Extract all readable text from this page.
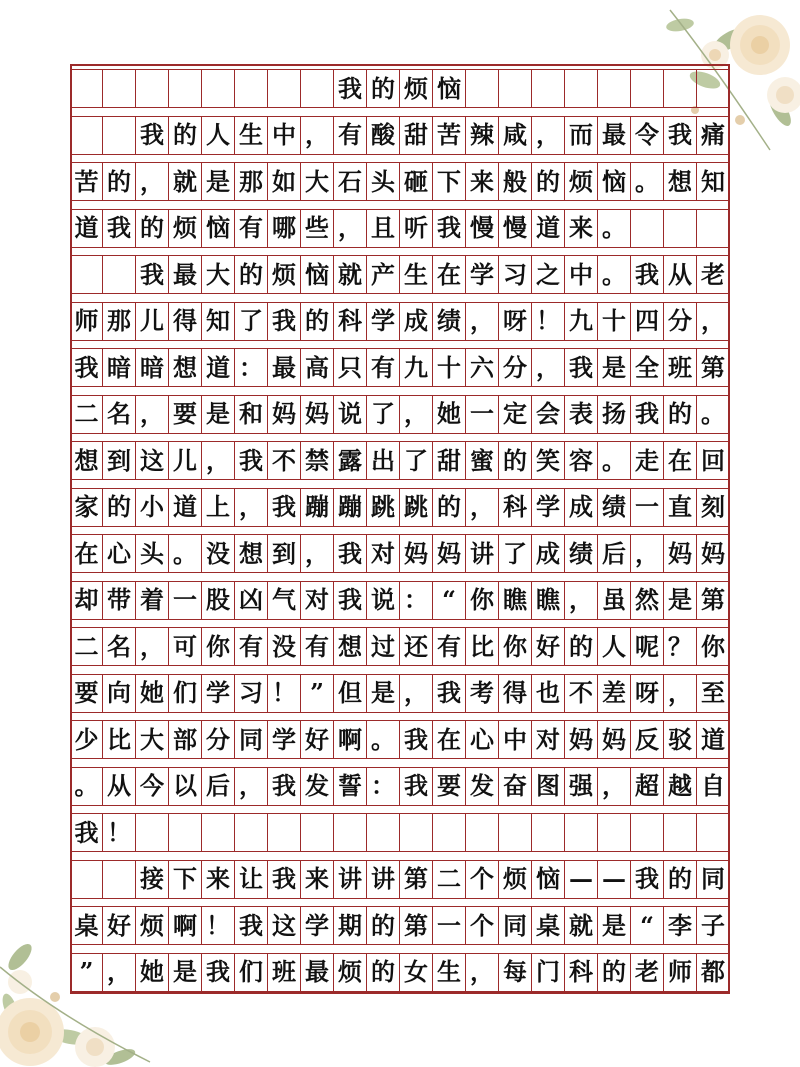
我 的 烦 恼
我 的 人 生 中 ， 有 酸 甜 苦 辣 咸 ， 而 最 令 我 痛
苦 的 ， 就 是 那 如 大 石 头 砸 下 来 般 的 烦 恼 。 想 知
道 我 的 烦 恼 有 哪 些 ， 且 听 我 慢 慢 道 来 。
我 最 大 的 烦 恼 就 产 生 在 学 习 之 中 。 我 从 老
师 那 儿 得 知 了 我 的 科 学 成 绩 ， 呀 ！ 九 十 四 分 ，
我 暗 暗 想 道 ： 最 高 只 有 九 十 六 分 ， 我 是 全 班 第
二 名 ， 要 是 和 妈 妈 说 了 ， 她 一 定 会 表 扬 我 的 。
想 到 这 儿 ， 我 不 禁 露 出 了 甜 蜜 的 笑 容 。 走 在 回
家 的 小 道 上 ， 我 蹦 蹦 跳 跳 的 ， 科 学 成 绩 一 直 刻
在 心 头 。 没 想 到 ， 我 对 妈 妈 讲 了 成 绩 后 ， 妈 妈
却 带 着 一 股 凶 气 对 我 说 ： “ 你 瞧 瞧 ， 虽 然 是 第
二 名 ， 可 你 有 没 有 想 过 还 有 比 你 好 的 人 呢 ？ 你
要 向 她 们 学 习 ！ ” 但 是 ， 我 考 得 也 不 差 呀 ， 至
少 比 大 部 分 同 学 好 啊 。 我 在 心 中 对 妈 妈 反 驳 道
。 从 今 以 后 ， 我 发 誓 ： 我 要 发 奋 图 强 ， 超 越 自
我 ！
接 下 来 让 我 来 讲 讲 第 二 个 烦 恼 — — 我 的 同
桌 好 烦 啊 ！ 我 这 学 期 的 第 一 个 同 桌 就 是 “ 李 子
” ， 她 是 我 们 班 最 烦 的 女 生 ， 每 门 科 的 老 师 都
